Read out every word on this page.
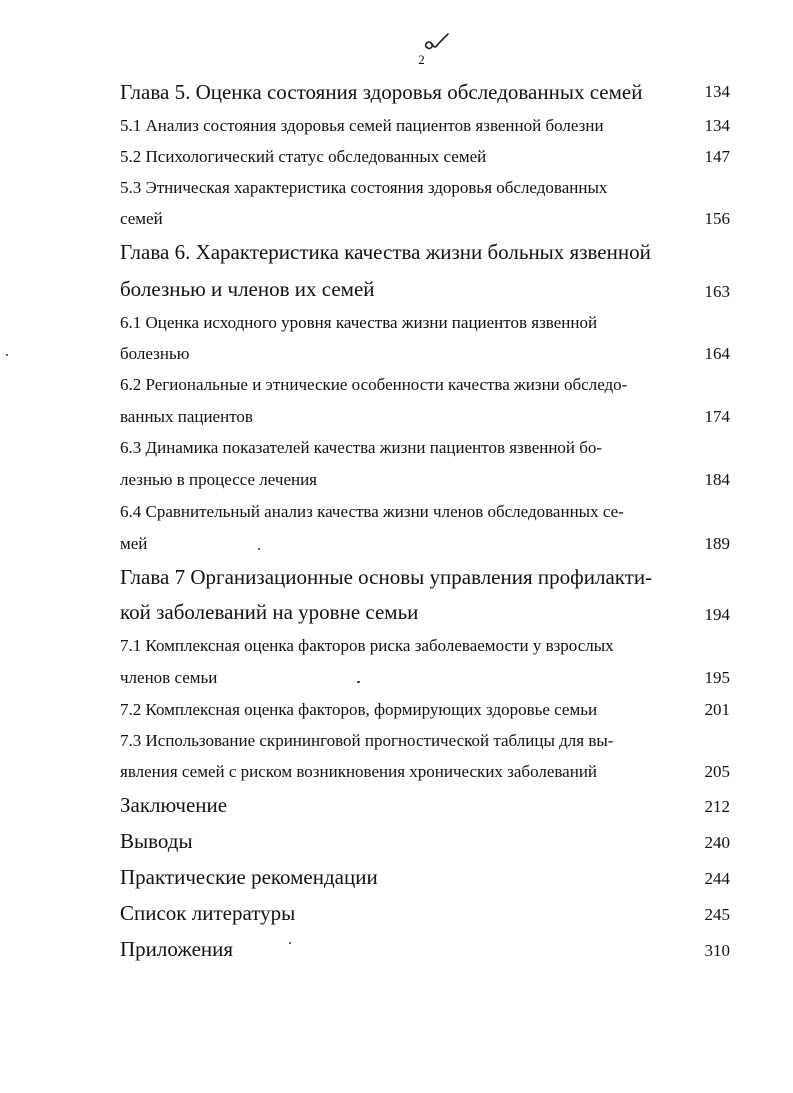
2
Глава 5. Оценка состояния здоровья обследованных семей	134
5.1 Анализ состояния здоровья семей пациентов язвенной болезни	134
5.2 Психологический статус обследованных семей	147
5.3 Этническая характеристика состояния здоровья обследованных
семей	156
Глава 6. Характеристика качества жизни больных язвенной
болезнью и членов их семей	163
6.1 Оценка исходного уровня качества жизни пациентов язвенной
болезнью	164
6.2 Региональные и этнические особенности качества жизни обследо-
ванных пациентов	174
6.3 Динамика показателей качества жизни пациентов язвенной бо-
лезнью в процессе лечения	184
6.4 Сравнительный анализ качества жизни членов обследованных се-
мей	189
Глава 7 Организационные основы управления профилакти-
кой заболеваний на уровне семьи	194
7.1 Комплексная оценка факторов риска заболеваемости у взрослых
членов семьи	195
7.2 Комплексная оценка факторов, формирующих здоровье семьи	201
7.3 Использование скрининговой прогностической таблицы для вы-
явления семей с риском возникновения хронических заболеваний	205
Заключение	212
Выводы	240
Практические рекомендации	244
Список литературы	245
Приложения	310
